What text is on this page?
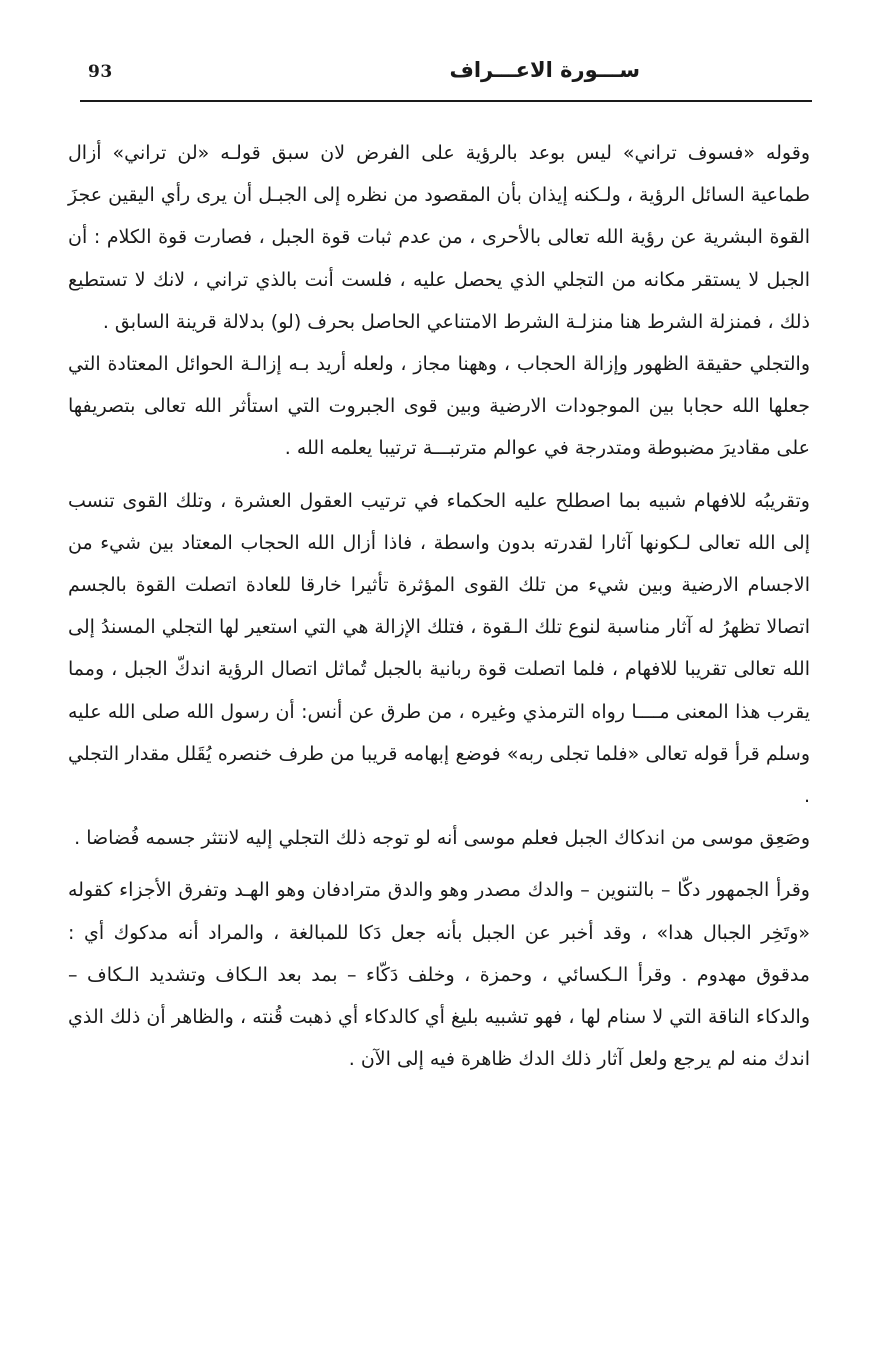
93	ســـورة الاعـــراف

وقوله «فسوف تراني» ليس بوعد بالرؤية على الفرض لان سبق قولـه «لن تراني» أزال طماعية السائل الرؤية ، ولـكنه إيذان بأن المقصود من نظره إلى الجبـل أن يرى رأي اليقين عجزَ القوة البشرية عن رؤية الله تعالى بالأحرى ، من عدم ثبات قوة الجبل ، فصارت قوة الكلام : أن الجبل لا يستقر مكانه من التجلي الذي يحصل عليه ، فلست أنت بالذي تراني ، لانك لا تستطيع ذلك ، فمنزلة الشرط هنا منزلـة الشرط الامتناعي الحاصل بحرف (لو) بدلالة قرينة السابق .

والتجلي حقيقة الظهور وإزالة الحجاب ، وههنا مجاز ، ولعله أريد بـه إزالـة الحوائل المعتادة التي جعلها الله حجابا بين الموجودات الارضية وبين قوى الجبروت التي استأثر الله تعالى بتصريفها على مقاديرَ مضبوطة ومتدرجة في عوالم مترتبـــة ترتيبا يعلمه الله .

وتقريبُه للافهام شبيه بما اصطلح عليه الحكماء في ترتيب العقول العشرة ، وتلك القوى تنسب إلى الله تعالى لـكونها آثارا لقدرته بدون واسطة ، فاذا أزال الله الحجاب المعتاد بين شيء من الاجسام الارضية وبين شيء من تلك القوى المؤثرة تأثيرا خارقا للعادة اتصلت القوة بالجسم اتصالا تظهرُ له آثار مناسبة لنوع تلك الـقوة ، فتلك الإزالة هي التي استعير لها التجلي المسندُ إلى الله تعالى تقريبا للافهام ، فلما اتصلت قوة ربانية بالجبل تُماثل اتصال الرؤية اندكّ الجبل ، ومما يقرب هذا المعنى مــــا رواه الترمذي وغيره ، من طرق عن أنس: أن رسول الله صلى الله عليه وسلم قرأ قوله تعالى «فلما تجلى ربه» فوضع إبهامه قريبا من طرف خنصره يُقَلل مقدار التجلي .

وصَعِق موسى من اندكاك الجبل فعلم موسى أنه لو توجه ذلك التجلي إليه لانتثر جسمه فُضاضا .

وقرأ الجمهور دكّا – بالتنوين – والدك مصدر وهو والدق مترادفان وهو الهـد وتفرق الأجزاء كقوله «وتَخِر الجبال هدا» ، وقد أخبر عن الجبل بأنه جعل دَكا للمبالغة ، والمراد أنه مدكوك أي : مدقوق مهدوم . وقرأ الـكسائي ، وحمزة ، وخلف دَكّاء – بمد بعد الـكاف وتشديد الـكاف – والدكاء الناقة التي لا سنام لها ، فهو تشبيه بليغ أي كالدكاء أي ذهبت قُنته ، والظاهر أن ذلك الذي اندك منه لم يرجع ولعل آثار ذلك الدك ظاهرة فيه إلى الآن .
